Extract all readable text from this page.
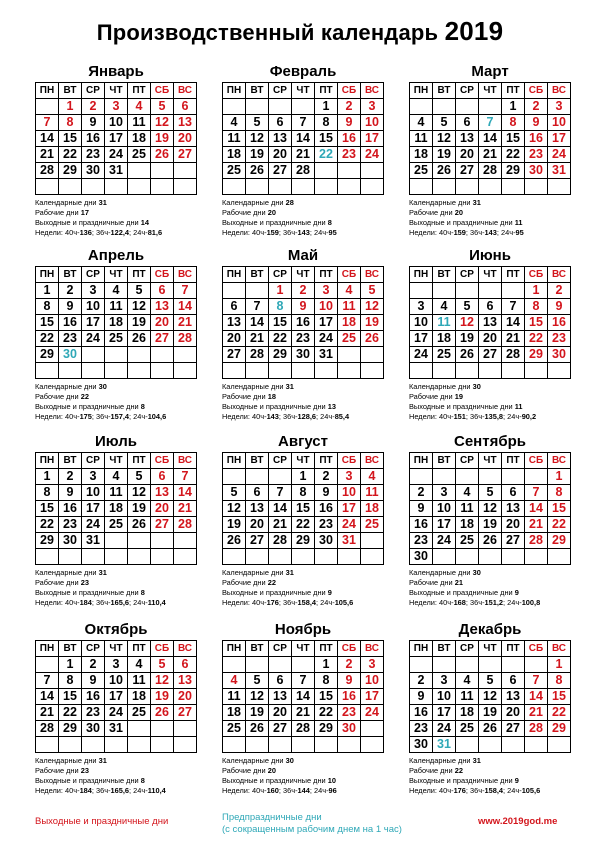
Производственный календарь 2019
Январь
ПН	ВТ	СР	ЧТ	ПТ	СБ	ВС
	1	2	3	4	5	6
7	8	9	10	11	12	13
14	15	16	17	18	19	20
21	22	23	24	25	26	27
28	29	30	31			

Календарные дни 31
Рабочие дни 17
Выходные и праздничные дни 14
Недели: 40ч-136; 36ч-122,4; 24ч-81,6
Февраль
ПН	ВТ	СР	ЧТ	ПТ	СБ	ВС
				1	2	3
4	5	6	7	8	9	10
11	12	13	14	15	16	17
18	19	20	21	22	23	24
25	26	27	28			

Календарные дни 28
Рабочие дни 20
Выходные и праздничные дни 8
Недели: 40ч-159; 36ч-143; 24ч-95
Март
ПН	ВТ	СР	ЧТ	ПТ	СБ	ВС
				1	2	3
4	5	6	7	8	9	10
11	12	13	14	15	16	17
18	19	20	21	22	23	24
25	26	27	28	29	30	31

Календарные дни 31
Рабочие дни 20
Выходные и праздничные дни 11
Недели: 40ч-159; 36ч-143; 24ч-95
Апрель
ПН	ВТ	СР	ЧТ	ПТ	СБ	ВС
1	2	3	4	5	6	7
8	9	10	11	12	13	14
15	16	17	18	19	20	21
22	23	24	25	26	27	28
29	30					

Календарные дни 30
Рабочие дни 22
Выходные и праздничные дни 8
Недели: 40ч-175; 36ч-157,4; 24ч-104,6
Май
ПН	ВТ	СР	ЧТ	ПТ	СБ	ВС
		1	2	3	4	5
6	7	8	9	10	11	12
13	14	15	16	17	18	19
20	21	22	23	24	25	26
27	28	29	30	31		

Календарные дни 31
Рабочие дни 18
Выходные и праздничные дни 13
Недели: 40ч-143; 36ч-128,6; 24ч-85,4
Июнь
ПН	ВТ	СР	ЧТ	ПТ	СБ	ВС
					1	2
3	4	5	6	7	8	9
10	11	12	13	14	15	16
17	18	19	20	21	22	23
24	25	26	27	28	29	30

Календарные дни 30
Рабочие дни 19
Выходные и праздничные дни 11
Недели: 40ч-151; 36ч-135,8; 24ч-90,2
Июль
ПН	ВТ	СР	ЧТ	ПТ	СБ	ВС
1	2	3	4	5	6	7
8	9	10	11	12	13	14
15	16	17	18	19	20	21
22	23	24	25	26	27	28
29	30	31				

Календарные дни 31
Рабочие дни 23
Выходные и праздничные дни 8
Недели: 40ч-184; 36ч-165,6; 24ч-110,4
Август
ПН	ВТ	СР	ЧТ	ПТ	СБ	ВС
			1	2	3	4
5	6	7	8	9	10	11
12	13	14	15	16	17	18
19	20	21	22	23	24	25
26	27	28	29	30	31	

Календарные дни 31
Рабочие дни 22
Выходные и праздничные дни 9
Недели: 40ч-176; 36ч-158,4; 24ч-105,6
Сентябрь
ПН	ВТ	СР	ЧТ	ПТ	СБ	ВС
						1
2	3	4	5	6	7	8
9	10	11	12	13	14	15
16	17	18	19	20	21	22
23	24	25	26	27	28	29
30						
Календарные дни 30
Рабочие дни 21
Выходные и праздничные дни 9
Недели: 40ч-168; 36ч-151,2; 24ч-100,8
Октябрь
ПН	ВТ	СР	ЧТ	ПТ	СБ	ВС
	1	2	3	4	5	6
7	8	9	10	11	12	13
14	15	16	17	18	19	20
21	22	23	24	25	26	27
28	29	30	31			

Календарные дни 31
Рабочие дни 23
Выходные и праздничные дни 8
Недели: 40ч-184; 36ч-165,6; 24ч-110,4
Ноябрь
ПН	ВТ	СР	ЧТ	ПТ	СБ	ВС
				1	2	3
4	5	6	7	8	9	10
11	12	13	14	15	16	17
18	19	20	21	22	23	24
25	26	27	28	29	30	

Календарные дни 30
Рабочие дни 20
Выходные и праздничные дни 10
Недели: 40ч-160; 36ч-144; 24ч-96
Декабрь
ПН	ВТ	СР	ЧТ	ПТ	СБ	ВС
						1
2	3	4	5	6	7	8
9	10	11	12	13	14	15
16	17	18	19	20	21	22
23	24	25	26	27	28	29
30	31					
Календарные дни 31
Рабочие дни 22
Выходные и праздничные дни 9
Недели: 40ч-176; 36ч-158,4; 24ч-105,6
Выходные и праздничные дни	Предпраздничные дни
(с сокращенным рабочим днем на 1 час)
www.2019god.me
